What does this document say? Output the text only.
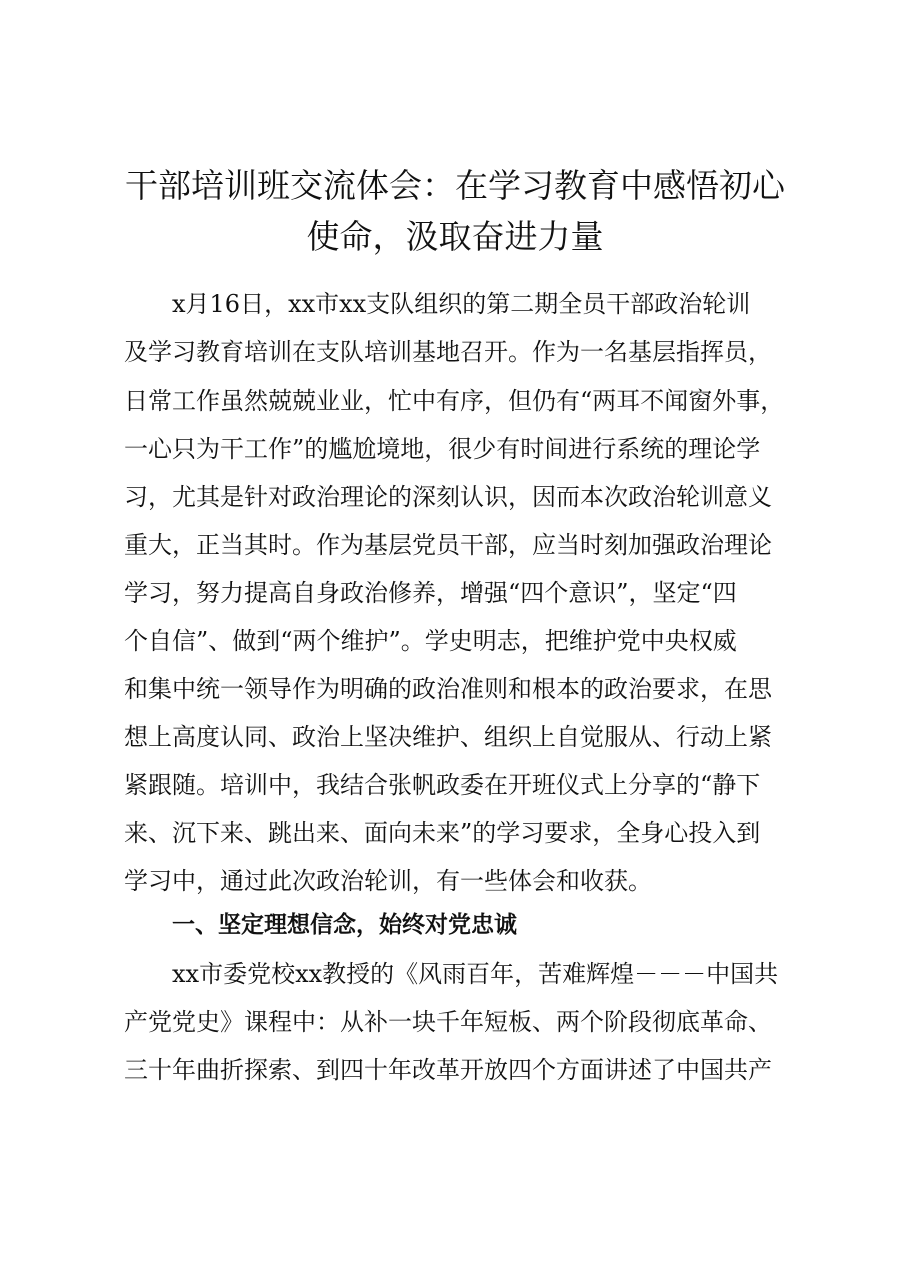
干部培训班交流体会：在学习教育中感悟初心
使命，汲取奋进力量

x月16日，xx市xx支队组织的第二期全员干部政治轮训

及学习教育培训在支队培训基地召开。作为一名基层指挥员，

日常工作虽然兢兢业业，忙中有序，但仍有“两耳不闻窗外事，

一心只为干工作”的尴尬境地，很少有时间进行系统的理论学

习，尤其是针对政治理论的深刻认识，因而本次政治轮训意义

重大，正当其时。作为基层党员干部，应当时刻加强政治理论

学习，努力提高自身政治修养，增强“四个意识”，坚定“四

个自信”、做到“两个维护”。学史明志，把维护党中央权威

和集中统一领导作为明确的政治准则和根本的政治要求，在思

想上高度认同、政治上坚决维护、组织上自觉服从、行动上紧

紧跟随。培训中，我结合张帆政委在开班仪式上分享的“静下

来、沉下来、跳出来、面向未来”的学习要求，全身心投入到

学习中，通过此次政治轮训，有一些体会和收获。

一、坚定理想信念，始终对党忠诚

xx市委党校xx教授的《风雨百年，苦难辉煌－－－中国共

产党党史》课程中：从补一块千年短板、两个阶段彻底革命、

三十年曲折探索、到四十年改革开放四个方面讲述了中国共产
